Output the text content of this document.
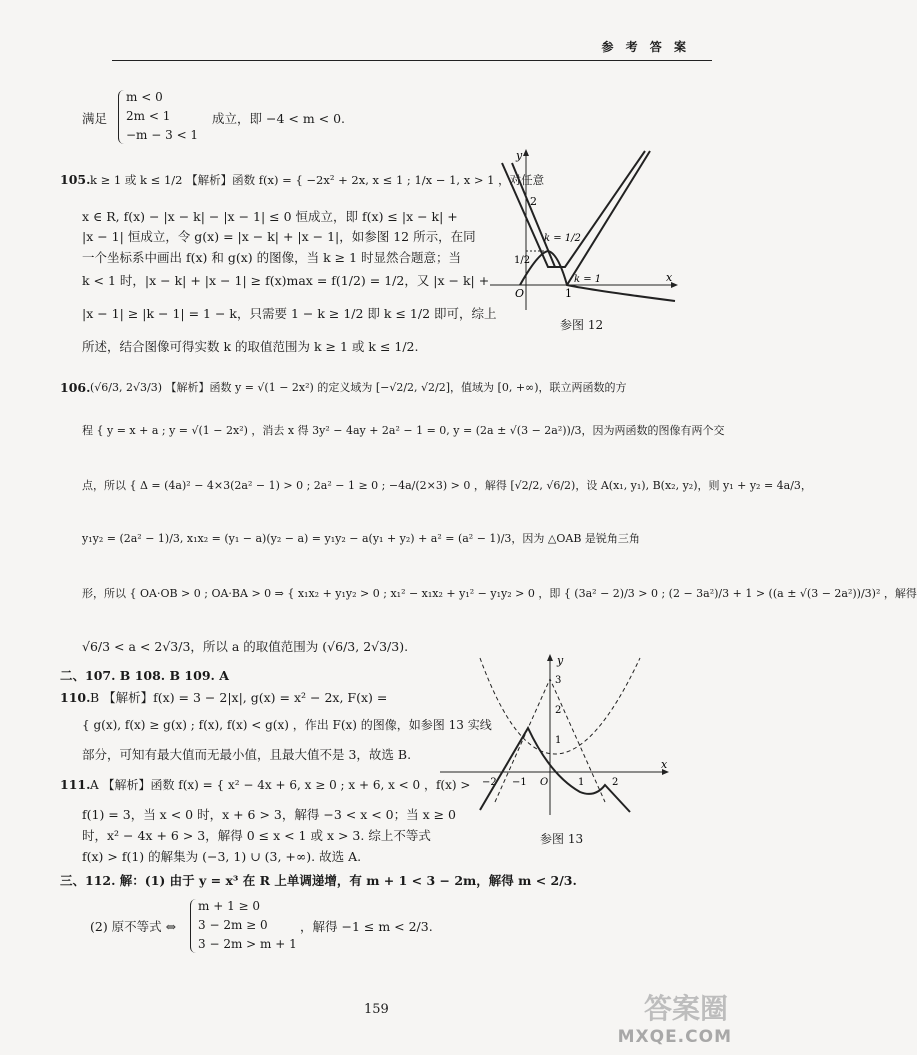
参 考 答 案
满足
m < 0
2m < 1
−m − 3 < 1
成立，即 −4 < m < 0.
105. k ≥ 1 或 k ≤ 1/2 【解析】函数 f(x) = { −2x² + 2x, x ≤ 1 ; 1/x − 1, x > 1 ，对任意
x ∈ R, f(x) − |x − k| − |x − 1| ≤ 0 恒成立，即 f(x) ≤ |x − k| +
|x − 1| 恒成立，令 g(x) = |x − k| + |x − 1|，如参图 12 所示，在同
一个坐标系中画出 f(x) 和 g(x) 的图像，当 k ≥ 1 时显然合题意；当
k < 1 时，|x − k| + |x − 1| ≥ f(x)max = f(1/2) = 1/2，又 |x − k| +
|x − 1| ≥ |k − 1| = 1 − k，只需要 1 − k ≥ 1/2 即 k ≤ 1/2 即可，综上
所述，结合图像可得实数 k 的取值范围为 k ≥ 1 或 k ≤ 1/2.
x
y
O
2
1/2
1
k = 1/2
k = 1
参图 12
106. (√6/3, 2√3/3) 【解析】函数 y = √(1 − 2x²) 的定义域为 [−√2/2, √2/2]，值域为 [0, +∞)，联立两函数的方
程 { y = x + a ; y = √(1 − 2x²) ，消去 x 得 3y² − 4ay + 2a² − 1 = 0, y = (2a ± √(3 − 2a²))/3，因为两函数的图像有两个交
点，所以 { Δ = (4a)² − 4×3(2a² − 1) > 0 ; 2a² − 1 ≥ 0 ; −4a/(2×3) > 0 ，解得 [√2/2, √6/2)，设 A(x₁, y₁), B(x₂, y₂)，则 y₁ + y₂ = 4a/3，
y₁y₂ = (2a² − 1)/3, x₁x₂ = (y₁ − a)(y₂ − a) = y₁y₂ − a(y₁ + y₂) + a² = (a² − 1)/3，因为 △OAB 是锐角三角
形，所以 { OA·OB > 0 ; OA·BA > 0 ⇒ { x₁x₂ + y₁y₂ > 0 ; x₁² − x₁x₂ + y₁² − y₁y₂ > 0 ，即 { (3a² − 2)/3 > 0 ; (2 − 3a²)/3 + 1 > ((a ± √(3 − 2a²))/3)² ，解得
√6/3 < a < 2√3/3，所以 a 的取值范围为 (√6/3, 2√3/3).
二、107. B 108. B 109. A
110. B 【解析】f(x) = 3 − 2|x|, g(x) = x² − 2x, F(x) =
{ g(x), f(x) ≥ g(x) ; f(x), f(x) < g(x) ，作出 F(x) 的图像，如参图 13 实线
部分，可知有最大值而无最小值，且最大值不是 3，故选 B.
111. A 【解析】函数 f(x) = { x² − 4x + 6, x ≥ 0 ; x + 6, x < 0 ，f(x) >
f(1) = 3，当 x < 0 时，x + 6 > 3，解得 −3 < x < 0；当 x ≥ 0
时，x² − 4x + 6 > 3，解得 0 ≤ x < 1 或 x > 3. 综上不等式
f(x) > f(1) 的解集为 (−3, 1) ∪ (3, +∞). 故选 A.
x
y
O
3
2
1
−2 −1	1	2
参图 13
三、112. 解：(1) 由于 y = x³ 在 R 上单调递增，有 m + 1 < 3 − 2m，解得 m < 2/3.
(2) 原不等式 ⇔
m + 1 ≥ 0
3 − 2m ≥ 0
3 − 2m > m + 1
，解得 −1 ≤ m < 2/3.
159	答案圈
MXQE.COM
